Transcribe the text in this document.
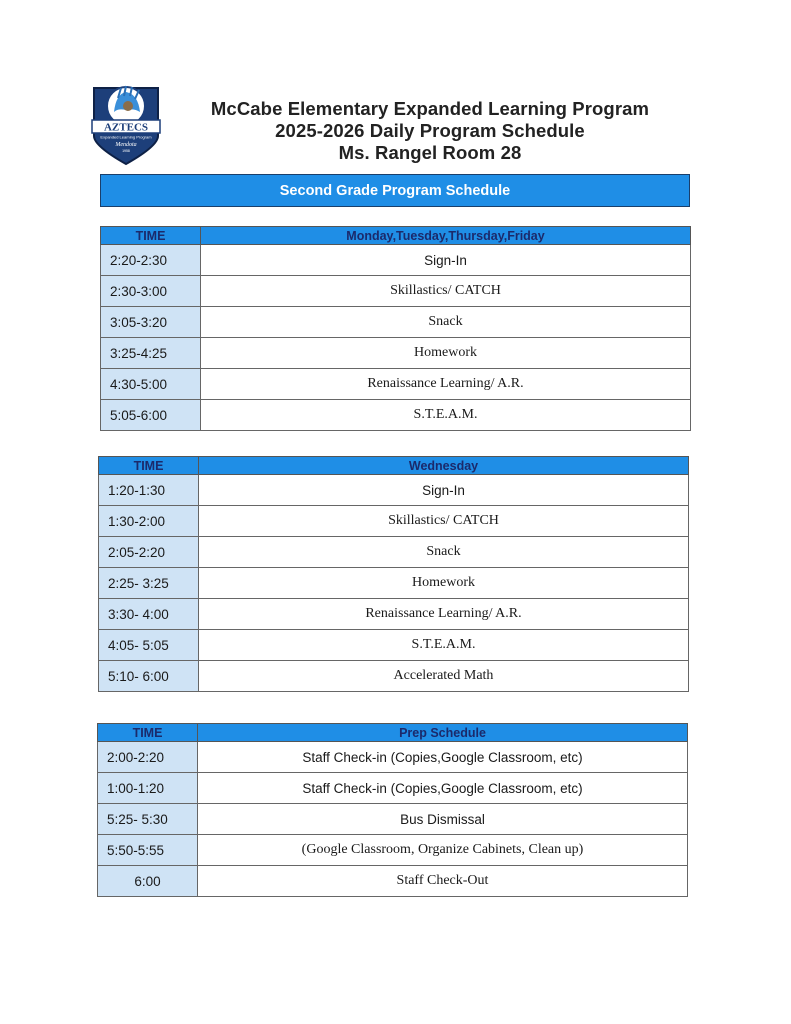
AZTECS
Expanded Learning Program
Mendota
1958
McCabe Elementary Expanded Learning Program
2025-2026 Daily Program Schedule
Ms. Rangel Room 28
Second Grade Program Schedule
TIME	Monday,Tuesday,Thursday,Friday
2:20-2:30	Sign-In
2:30-3:00	Skillastics/ CATCH
3:05-3:20	Snack
3:25-4:25	Homework
4:30-5:00	Renaissance Learning/ A.R.
5:05-6:00	S.T.E.A.M.
TIME	Wednesday
1:20-1:30	Sign-In
1:30-2:00	Skillastics/ CATCH
2:05-2:20	Snack
2:25- 3:25	Homework
3:30- 4:00	Renaissance Learning/ A.R.
4:05- 5:05	S.T.E.A.M.
5:10- 6:00	Accelerated Math
TIME	Prep Schedule
2:00-2:20	Staff Check-in (Copies,Google Classroom, etc)
1:00-1:20	Staff Check-in (Copies,Google Classroom, etc)
5:25- 5:30	Bus Dismissal
5:50-5:55	(Google Classroom, Organize Cabinets, Clean up)
6:00	Staff Check-Out
